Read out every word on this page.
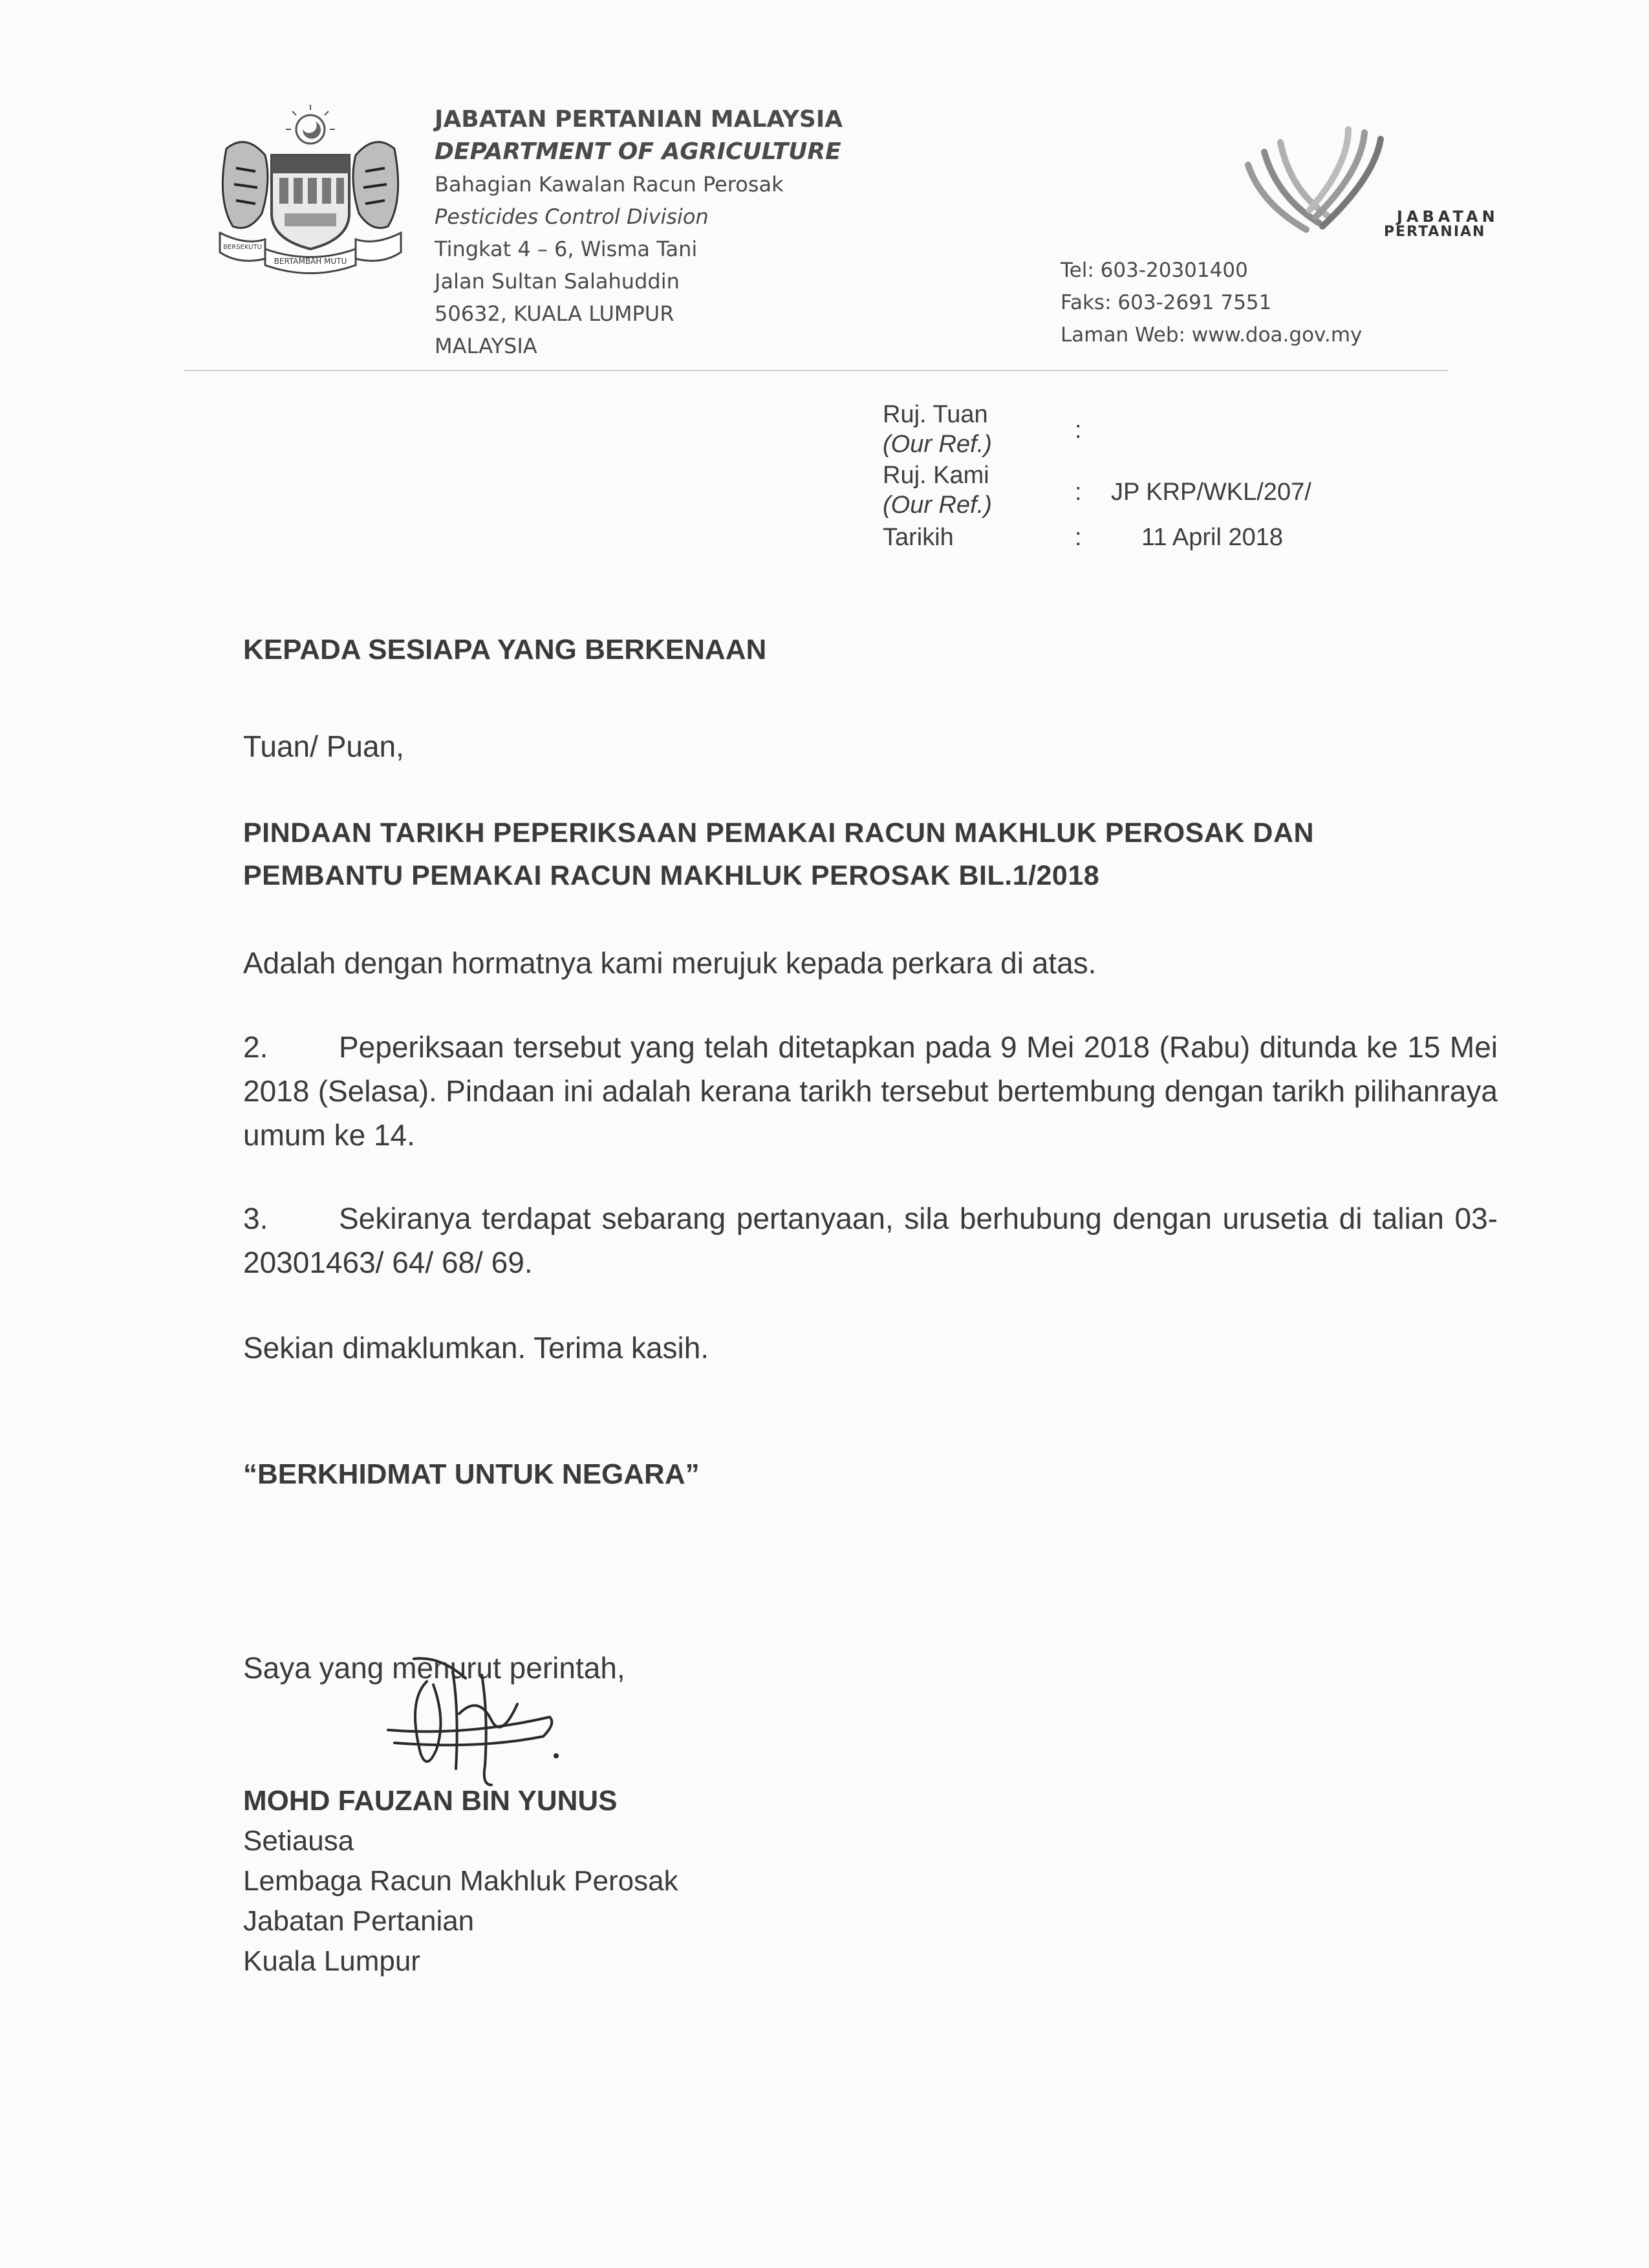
BERSEKUTU
BERTAMBAH MUTU
JABATAN PERTANIAN MALAYSIA
DEPARTMENT OF AGRICULTURE
Bahagian Kawalan Racun Perosak
Pesticides Control Division
Tingkat 4 – 6, Wisma Tani
Jalan Sultan Salahuddin
50632, KUALA LUMPUR
MALAYSIA
JABATAN
PERTANIAN
Tel: 603-20301400
Faks: 603-2691 7551
Laman Web: www.doa.gov.my
Ruj. Tuan
(Our Ref.)
:
Ruj. Kami
(Our Ref.)	: JP KRP/WKL/207/
Tarikih	: 11 April 2018
KEPADA SESIAPA YANG BERKENAAN
Tuan/ Puan,
PINDAAN TARIKH PEPERIKSAAN PEMAKAI RACUN MAKHLUK PEROSAK DAN
PEMBANTU PEMAKAI RACUN MAKHLUK PEROSAK BIL.1/2018
Adalah dengan hormatnya kami merujuk kepada perkara di atas.
2. Peperiksaan tersebut yang telah ditetapkan pada 9 Mei 2018 (Rabu) ditunda ke 15 Mei 2018 (Selasa). Pindaan ini adalah kerana tarikh tersebut bertembung dengan tarikh pilihanraya umum ke 14.
3. Sekiranya terdapat sebarang pertanyaan, sila berhubung dengan urusetia di talian 03-20301463/ 64/ 68/ 69.
Sekian dimaklumkan. Terima kasih.
“BERKHIDMAT UNTUK NEGARA”
Saya yang menurut perintah,
MOHD FAUZAN BIN YUNUS
Setiausa
Lembaga Racun Makhluk Perosak
Jabatan Pertanian
Kuala Lumpur
